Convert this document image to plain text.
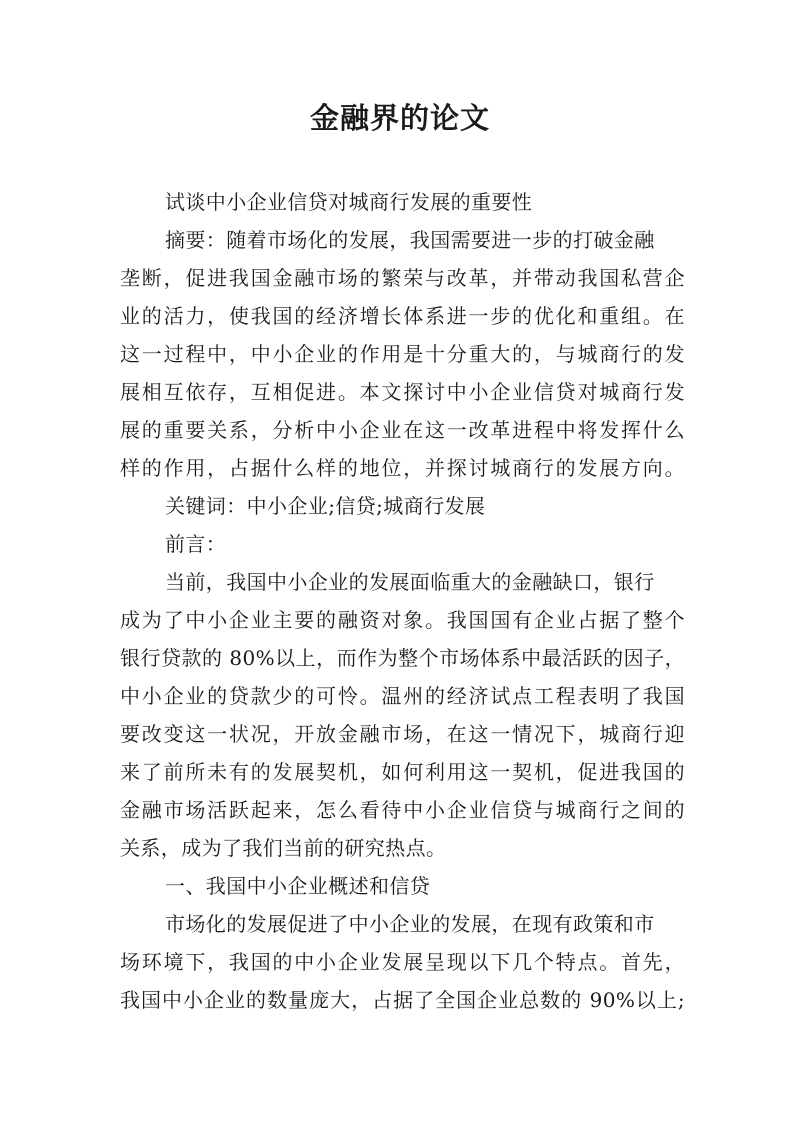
金融界的论文
试谈中小企业信贷对城商行发展的重要性
摘要：随着市场化的发展，我国需要进一步的打破金融
垄断，促进我国金融市场的繁荣与改革，并带动我国私营企
业的活力，使我国的经济增长体系进一步的优化和重组。在
这一过程中，中小企业的作用是十分重大的，与城商行的发
展相互依存，互相促进。本文探讨中小企业信贷对城商行发
展的重要关系，分析中小企业在这一改革进程中将发挥什么
样的作用，占据什么样的地位，并探讨城商行的发展方向。
关键词：中小企业;信贷;城商行发展
前言：
当前，我国中小企业的发展面临重大的金融缺口，银行
成为了中小企业主要的融资对象。我国国有企业占据了整个
银行贷款的 80%以上，而作为整个市场体系中最活跃的因子，
中小企业的贷款少的可怜。温州的经济试点工程表明了我国
要改变这一状况，开放金融市场，在这一情况下，城商行迎
来了前所未有的发展契机，如何利用这一契机，促进我国的
金融市场活跃起来，怎么看待中小企业信贷与城商行之间的
关系，成为了我们当前的研究热点。
一、我国中小企业概述和信贷
市场化的发展促进了中小企业的发展，在现有政策和市
场环境下，我国的中小企业发展呈现以下几个特点。首先，
我国中小企业的数量庞大，占据了全国企业总数的 90%以上;
